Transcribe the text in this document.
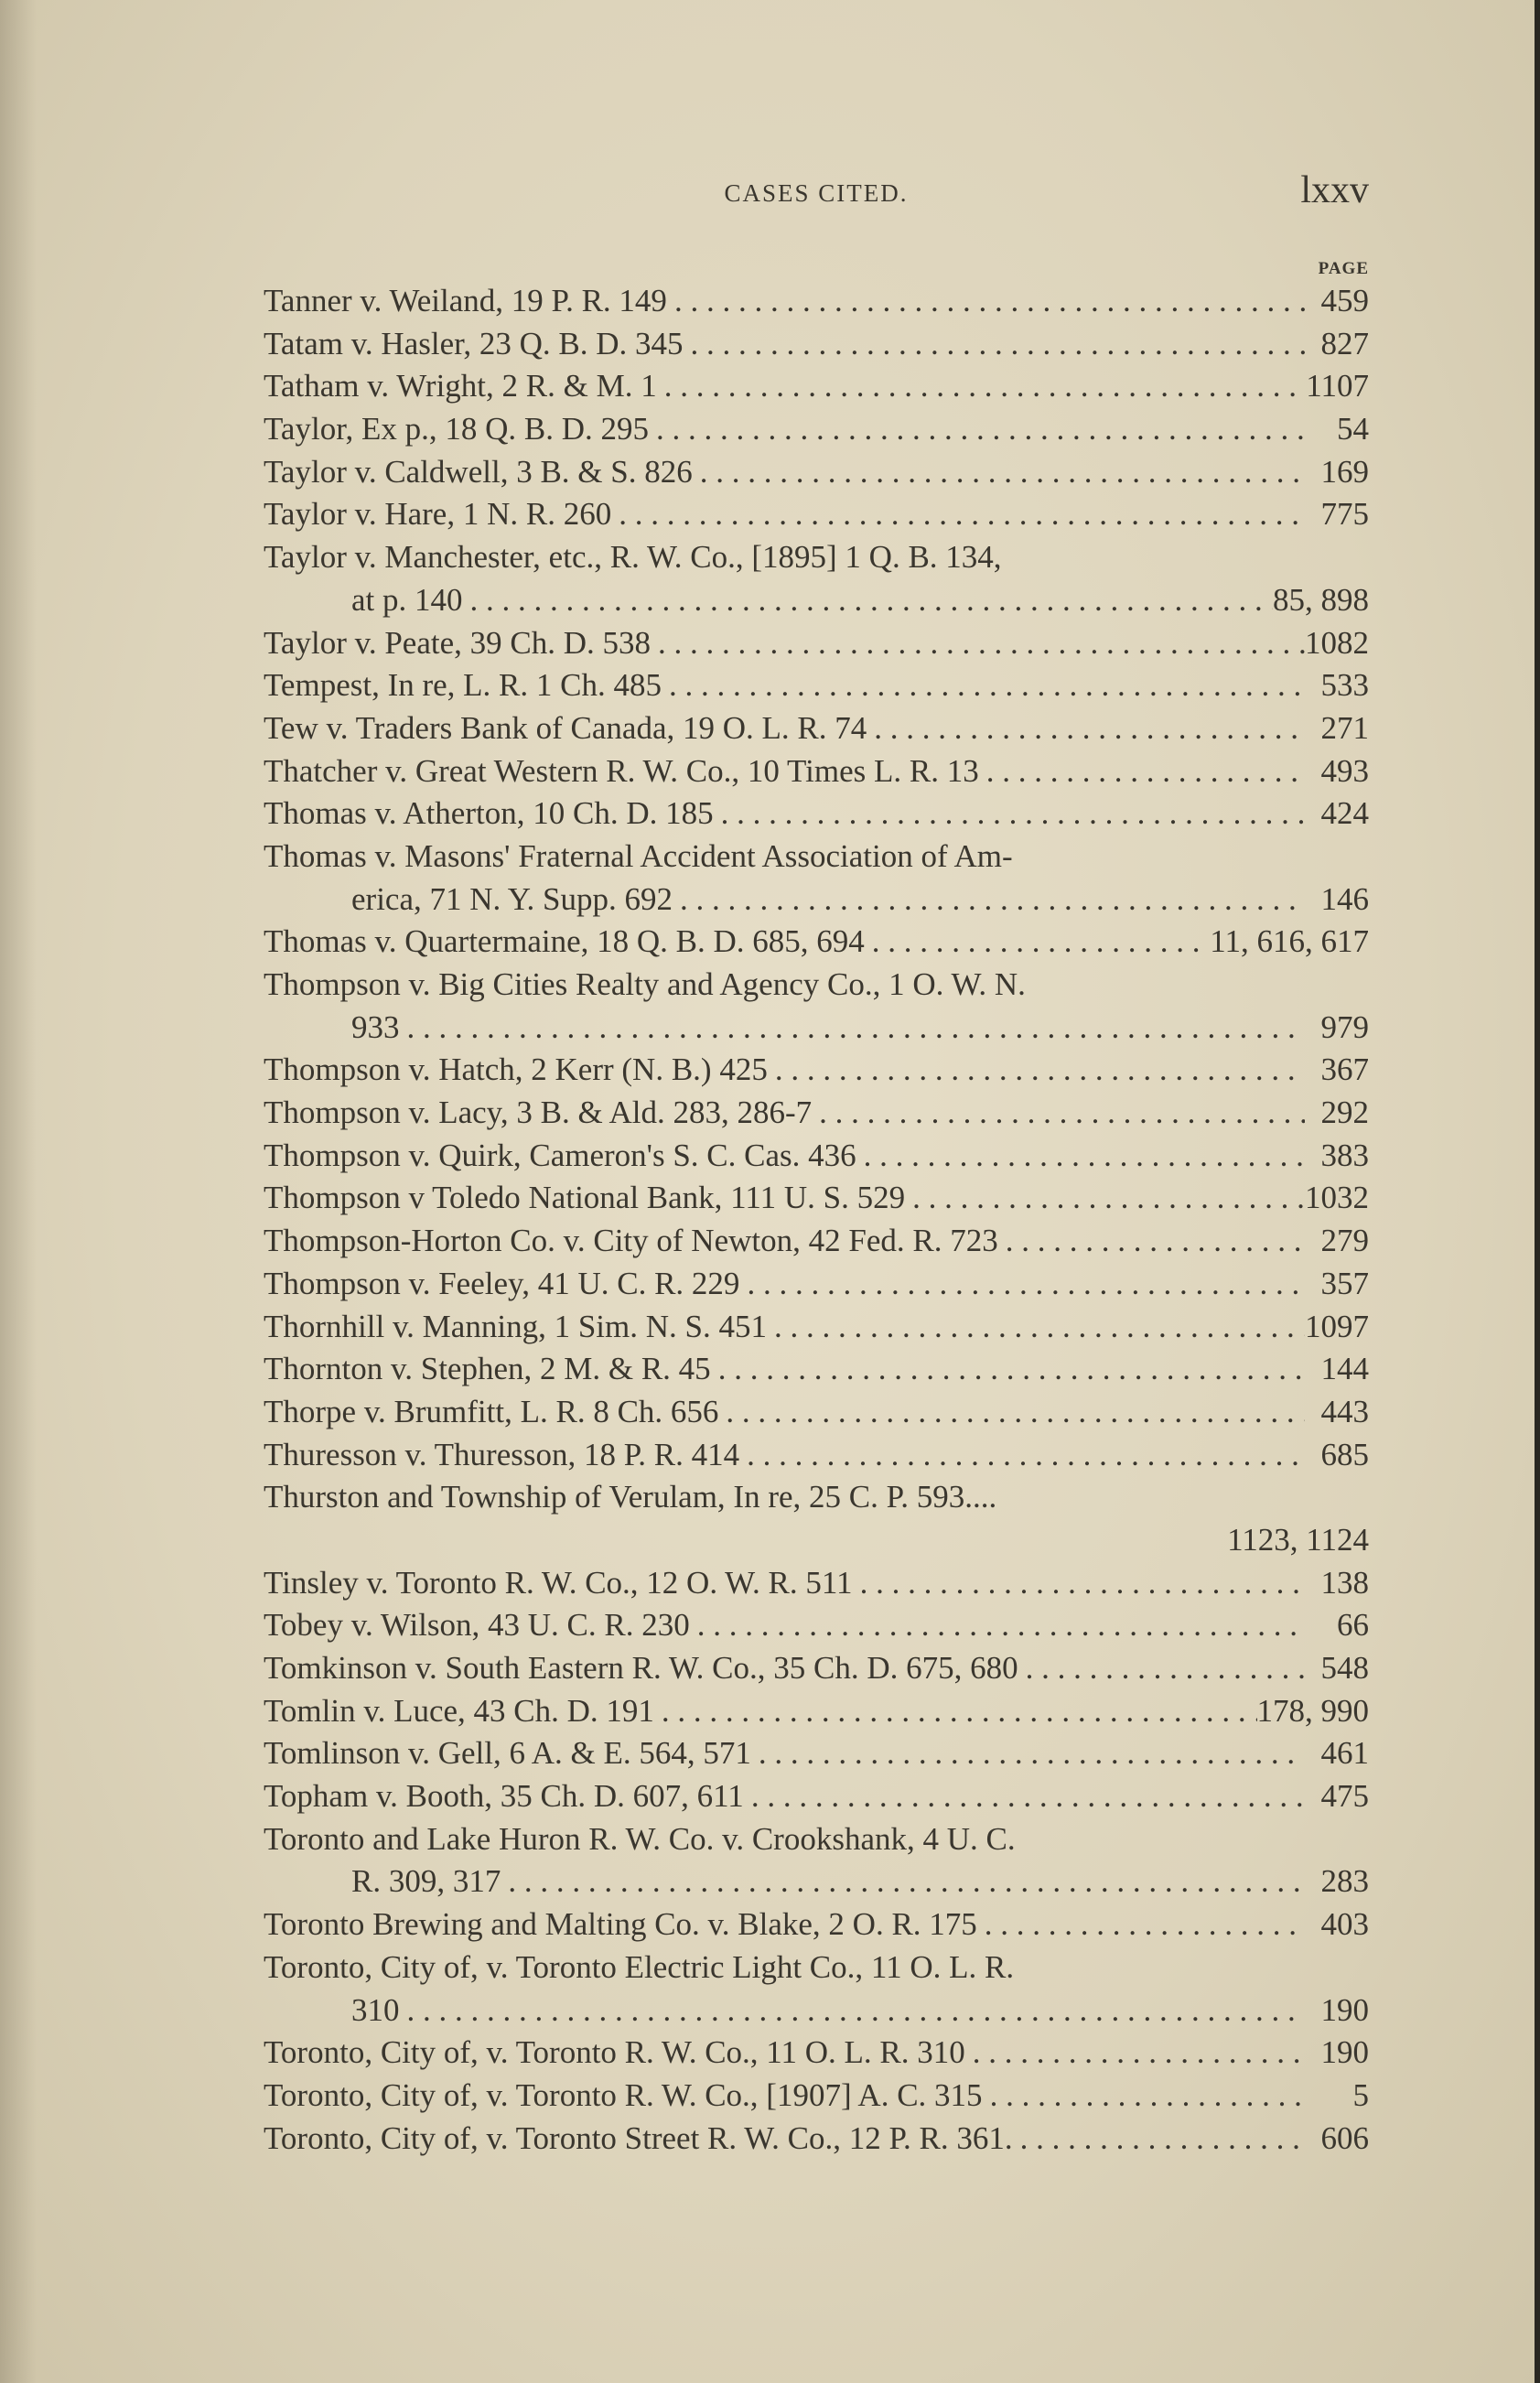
CASES CITED.	lxxv
PAGE
Tanner v. Weiland, 19 P. R. 149 . . .	459
Tatam v. Hasler, 23 Q. B. D. 345 . . .	827
Tatham v. Wright, 2 R. & M. 1 . . .	1107
Taylor, Ex p., 18 Q. B. D. 295 . . .	54
Taylor v. Caldwell, 3 B. & S. 826 . . .	169
Taylor v. Hare, 1 N. R. 260 . . .	775
Taylor v. Manchester, etc., R. W. Co., [1895] 1 Q. B. 134,
at p. 140 . . .	85, 898
Taylor v. Peate, 39 Ch. D. 538 . . .	1082
Tempest, In re, L. R. 1 Ch. 485 . . .	533
Tew v. Traders Bank of Canada, 19 O. L. R. 74 . . .	271
Thatcher v. Great Western R. W. Co., 10 Times L. R. 13 . . .	493
Thomas v. Atherton, 10 Ch. D. 185 . . .	424
Thomas v. Masons' Fraternal Accident Association of Am-
erica, 71 N. Y. Supp. 692 . . .	146
Thomas v. Quartermaine, 18 Q. B. D. 685, 694 . . .	11, 616, 617
Thompson v. Big Cities Realty and Agency Co., 1 O. W. N.
933 . . .	979
Thompson v. Hatch, 2 Kerr (N. B.) 425 . . .	367
Thompson v. Lacy, 3 B. & Ald. 283, 286-7 . . .	292
Thompson v. Quirk, Cameron's S. C. Cas. 436 . . .	383
Thompson v Toledo National Bank, 111 U. S. 529 . . .	1032
Thompson-Horton Co. v. City of Newton, 42 Fed. R. 723 . . .	279
Thompson v. Feeley, 41 U. C. R. 229 . . .	357
Thornhill v. Manning, 1 Sim. N. S. 451 . . .	1097
Thornton v. Stephen, 2 M. & R. 45 . . .	144
Thorpe v. Brumfitt, L. R. 8 Ch. 656 . . .	443
Thuresson v. Thuresson, 18 P. R. 414 . . .	685
Thurston and Township of Verulam, In re, 25 C. P. 593....
1123, 1124
Tinsley v. Toronto R. W. Co., 12 O. W. R. 511 . . .	138
Tobey v. Wilson, 43 U. C. R. 230 . . .	66
Tomkinson v. South Eastern R. W. Co., 35 Ch. D. 675, 680 . . .	548
Tomlin v. Luce, 43 Ch. D. 191 . . .	178, 990
Tomlinson v. Gell, 6 A. & E. 564, 571 . . .	461
Topham v. Booth, 35 Ch. D. 607, 611 . . .	475
Toronto and Lake Huron R. W. Co. v. Crookshank, 4 U. C.
R. 309, 317 . . .	283
Toronto Brewing and Malting Co. v. Blake, 2 O. R. 175 . . .	403
Toronto, City of, v. Toronto Electric Light Co., 11 O. L. R.
310 . . .	190
Toronto, City of, v. Toronto R. W. Co., 11 O. L. R. 310 . . .	190
Toronto, City of, v. Toronto R. W. Co., [1907] A. C. 315 . . .	5
Toronto, City of, v. Toronto Street R. W. Co., 12 P. R. 361. . . .	606
